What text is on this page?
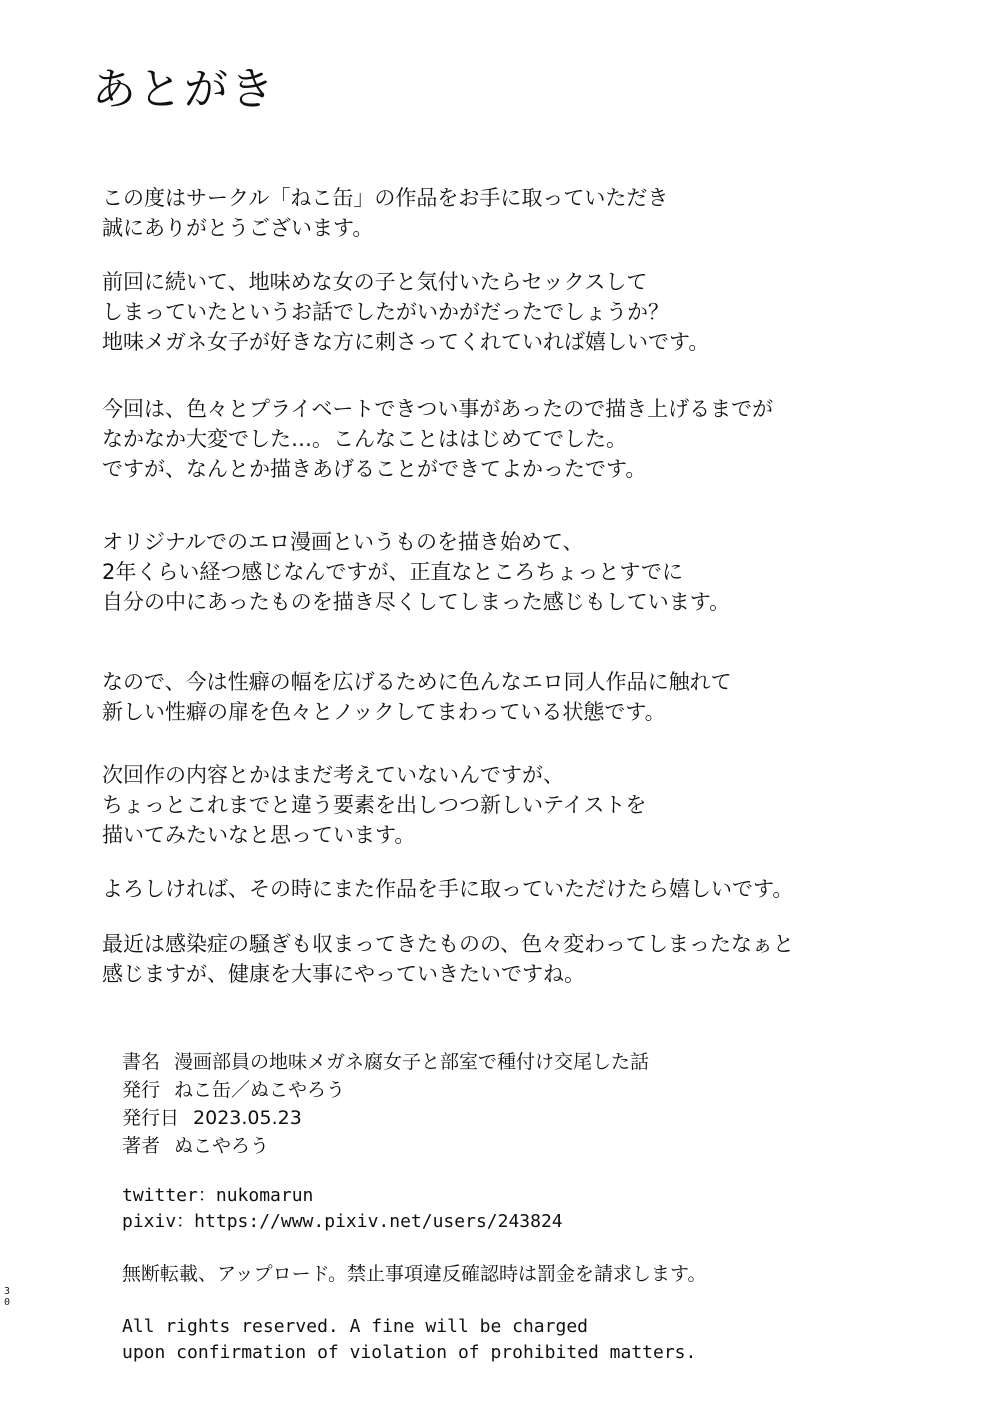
あとがき

この度はサークル「ねこ缶」の作品をお手に取っていただき
誠にありがとうございます。

前回に続いて、地味めな女の子と気付いたらセックスして
しまっていたというお話でしたがいかがだったでしょうか？
地味メガネ女子が好きな方に刺さってくれていれば嬉しいです。

今回は、色々とプライベートできつい事があったので描き上げるまでが
なかなか大変でした…。こんなことははじめてでした。
ですが、なんとか描きあげることができてよかったです。

オリジナルでのエロ漫画というものを描き始めて、
2年くらい経つ感じなんですが、正直なところちょっとすでに
自分の中にあったものを描き尽くしてしまった感じもしています。

なので、今は性癖の幅を広げるために色んなエロ同人作品に触れて
新しい性癖の扉を色々とノックしてまわっている状態です。

次回作の内容とかはまだ考えていないんですが、
ちょっとこれまでと違う要素を出しつつ新しいテイストを
描いてみたいなと思っています。

よろしければ、その時にまた作品を手に取っていただけたら嬉しいです。

最近は感染症の騒ぎも収まってきたものの、色々変わってしまったなぁと
感じますが、健康を大事にやっていきたいですね。

書名 漫画部員の地味メガネ腐女子と部室で種付け交尾した話
発行 ねこ缶／ぬこやろう
発行日 2023.05.23
著者 ぬこやろう
twitter：nukomarun
pixiv：https://www.pixiv.net/users/243824
無断転載、アップロード。禁止事項違反確認時は罰金を請求します。
All rights reserved. A fine will be charged
upon confirmation of violation of prohibited matters.
3
0
